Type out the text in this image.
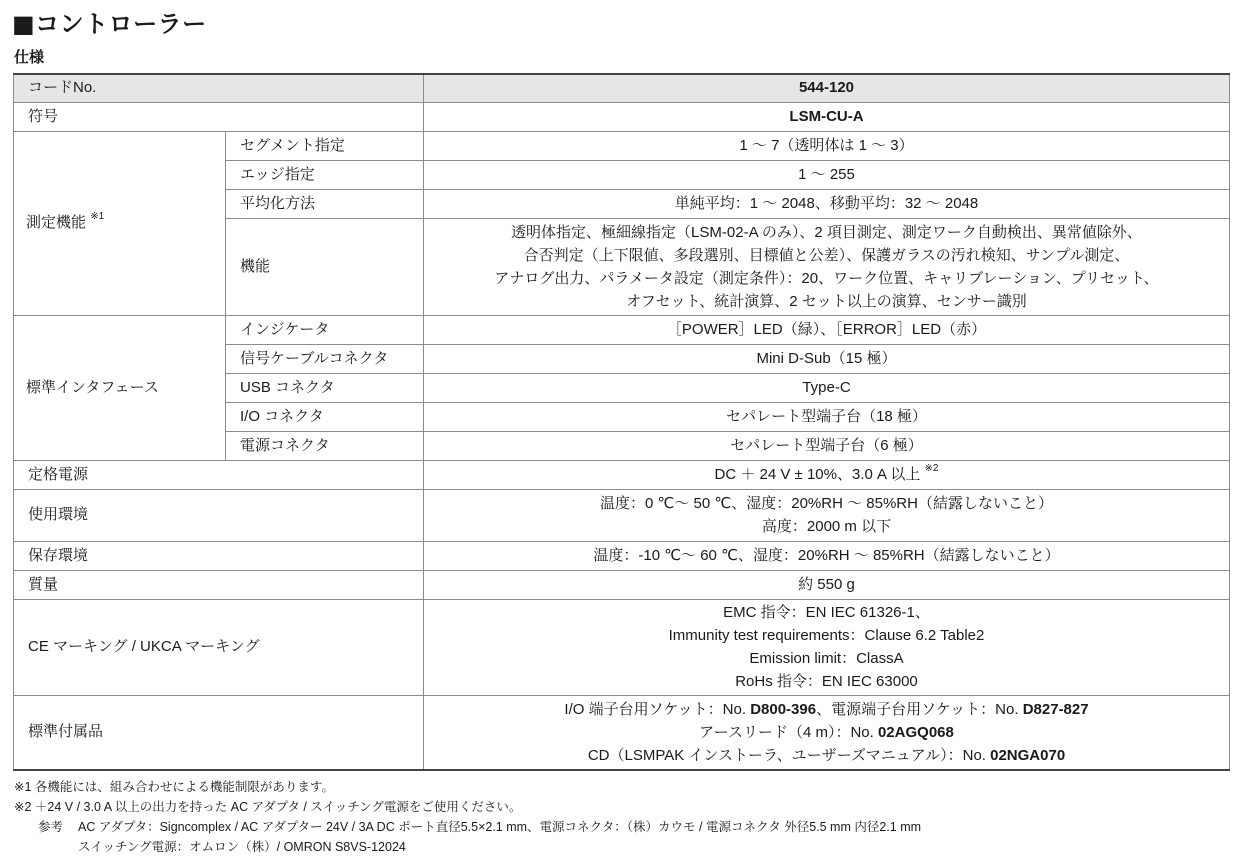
■コントローラー
仕様
コードNo.		544-120
符号		LSM-CU-A
測定機能 $^{※1}$	セグメント指定	1 ～ 7（透明体は 1 ～ 3）
	エッジ指定	1 ～ 255
	平均化方法	単純平均：1 ～ 2048、移動平均：32 ～ 2048
	機能	透明体指定、極細線指定（LSM-02-A のみ）、2 項目測定、測定ワーク自動検出、異常値除外、
合否判定（上下限値、多段選別、目標値と公差）、保護ガラスの汚れ検知、サンプル測定、
アナログ出力、パラメータ設定（測定条件）：20、ワーク位置、キャリブレーション、プリセット、
オフセット、統計演算、2 セット以上の演算、センサー識別

標準インタフェース	インジケータ	［POWER］LED（緑）、［ERROR］LED（赤）
	信号ケーブルコネクタ	Mini D-Sub（15 極）
	USB コネクタ	Type-C
	I/O コネクタ	セパレート型端子台（18 極）
	電源コネクタ	セパレート型端子台（6 極）
定格電源		DC ＋ 24 V ± 10%、3.0 A 以上 $^{※2}$
使用環境		温度：0 ℃～ 50 ℃、湿度：20%RH ～ 85%RH（結露しないこと）
高度：2000 m 以下

保存環境		温度：-10 ℃～ 60 ℃、湿度：20%RH ～ 85%RH（結露しないこと）
質量		約 550 g
CE マーキング / UKCA マーキング		EMC 指令：EN IEC 61326-1、
Immunity test requirements：Clause 6.2 Table2
Emission limit：ClassA
RoHs 指令：EN IEC 63000

標準付属品		I/O 端子台用ソケット：No. D800-396、電源端子台用ソケット：No. D827-827
アースリード（4 m）：No. 02AGQ068
CD（LSMPAK インストーラ、ユーザーズマニュアル）：No. 02NGA070
※1 各機能には、組み合わせによる機能制限があります。
※2 ＋24 V / 3.0 A 以上の出力を持った AC アダプタ / スイッチング電源をご使用ください。
参考 AC アダプタ：Signcomplex / AC アダプター 24V / 3A DC ポート直径5.5×2.1 mm、電源コネクタ：（株）カウモ / 電源コネクタ 外径5.5 mm 内径2.1 mm
スイッチング電源：オムロン（株）/ OMRON S8VS-12024
